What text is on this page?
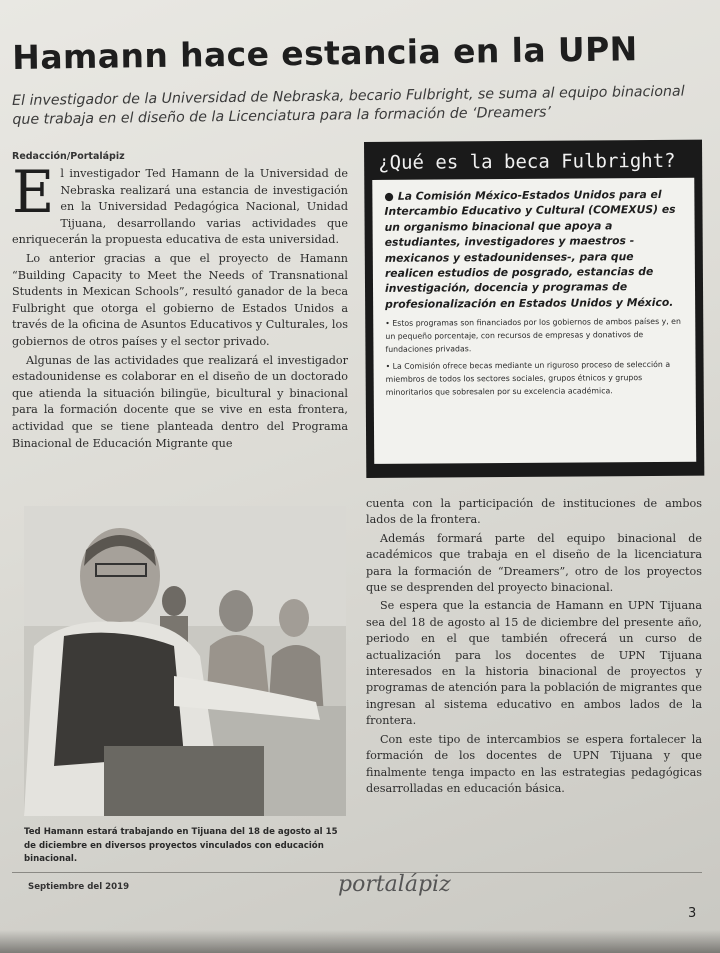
Hamann hace estancia en la UPN
El investigador de la Universidad de Nebraska, becario Fulbright, se suma al equipo binacional que trabaja en el diseño de la Licenciatura para la formación de ‘Dreamers’
Redacción/Portalápiz

El investigador Ted Hamann de la Universidad de Nebraska realizará una estancia de investigación en la Universidad Pedagógica Nacional, Unidad Tijuana, desarrollando varias actividades que enriquecerán la propuesta educativa de esta universidad.

Lo anterior gracias a que el proyecto de Hamann “Building Capacity to Meet the Needs of Transnational Students in Mexican Schools”, resultó ganador de la beca Fulbright que otorga el gobierno de Estados Unidos a través de la oficina de Asuntos Educativos y Culturales, los gobiernos de otros países y el sector privado.

Algunas de las actividades que realizará el investigador estadounidense es colaborar en el diseño de un doctorado que atienda la situación bilingüe, bicultural y binacional para la formación docente que se vive en esta frontera, actividad que se tiene planteada dentro del Programa Binacional de Educación Migrante que

¿Qué es la beca Fulbright?
● La Comisión México-Estados Unidos para el Intercambio Educativo y Cultural (COMEXUS) es un organismo binacional que apoya a estudiantes, investigadores y maestros -mexicanos y estadounidenses-, para que realicen estudios de posgrado, estancias de investigación, docencia y programas de profesionalización en Estados Unidos y México.
• Estos programas son financiados por los gobiernos de ambos países y, en un pequeño porcentaje, con recursos de empresas y donativos de fundaciones privadas.
• La Comisión ofrece becas mediante un riguroso proceso de selección a miembros de todos los sectores sociales, grupos étnicos y grupos minoritarios que sobresalen por su excelencia académica.
Ted Hamann estará trabajando en Tijuana del 18 de agosto al 15 de diciembre en diversos proyectos vinculados con educación binacional.

cuenta con la participación de instituciones de ambos lados de la frontera.

Además formará parte del equipo binacional de académicos que trabaja en el diseño de la licenciatura para la formación de “Dreamers”, otro de los proyectos que se desprenden del proyecto binacional.

Se espera que la estancia de Hamann en UPN Tijuana sea del 18 de agosto al 15 de diciembre del presente año, periodo en el que también ofrecerá un curso de actualización para los docentes de UPN Tijuana interesados en la historia binacional de proyectos y programas de atención para la población de migrantes que ingresan al sistema educativo en ambos lados de la frontera.

Con este tipo de intercambios se espera fortalecer la formación de los docentes de UPN Tijuana y que finalmente tenga impacto en las estrategias pedagógicas desarrolladas en educación básica.

Septiembre del 2019	portalápiz
3
